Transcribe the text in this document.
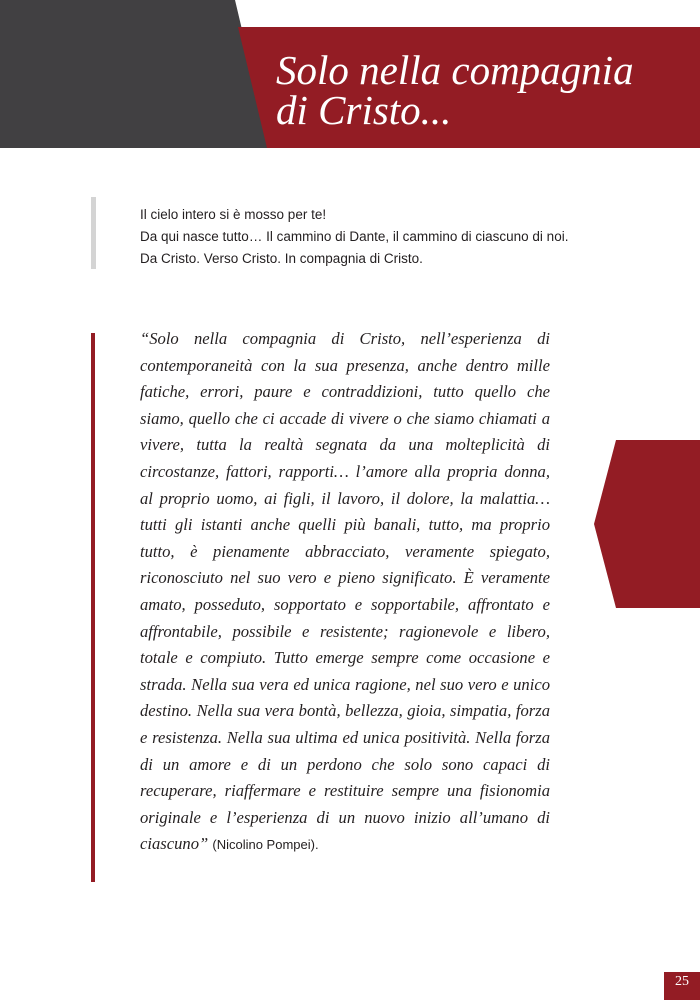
Solo nella compagnia
di Cristo...
Il cielo intero si è mosso per te!
Da qui nasce tutto… Il cammino di Dante, il cammino di ciascuno di noi.
Da Cristo. Verso Cristo. In compagnia di Cristo.

“Solo nella compagnia di Cristo, nell’esperienza di contemporaneità con la sua presenza, anche dentro mille fatiche, errori, paure e contraddizioni, tutto quello che siamo, quello che ci accade di vivere o che siamo chiamati a vivere, tutta la realtà segnata da una molteplicità di circostanze, fattori, rapporti… l’amore alla propria donna, al proprio uomo, ai figli, il lavoro, il dolore, la malattia… tutti gli istanti anche quelli più banali, tutto, ma proprio tutto, è pienamente abbracciato, veramente spiegato, riconosciuto nel suo vero e pieno significato. È veramente amato, posseduto, sopportato e sopportabile, affrontato e affrontabile, possibile e resistente; ragionevole e libero, totale e compiuto. Tutto emerge sempre come occasione e strada. Nella sua vera ed unica ragione, nel suo vero e unico destino. Nella sua vera bontà, bellezza, gioia, simpatia, forza e resistenza. Nella sua ultima ed unica positività. Nella forza di un amore e di un perdono che solo sono capaci di recuperare, riaffermare e restituire sempre una fisionomia originale e l’esperienza di un nuovo inizio all’umano di ciascuno” (Nicolino Pompei).

25
